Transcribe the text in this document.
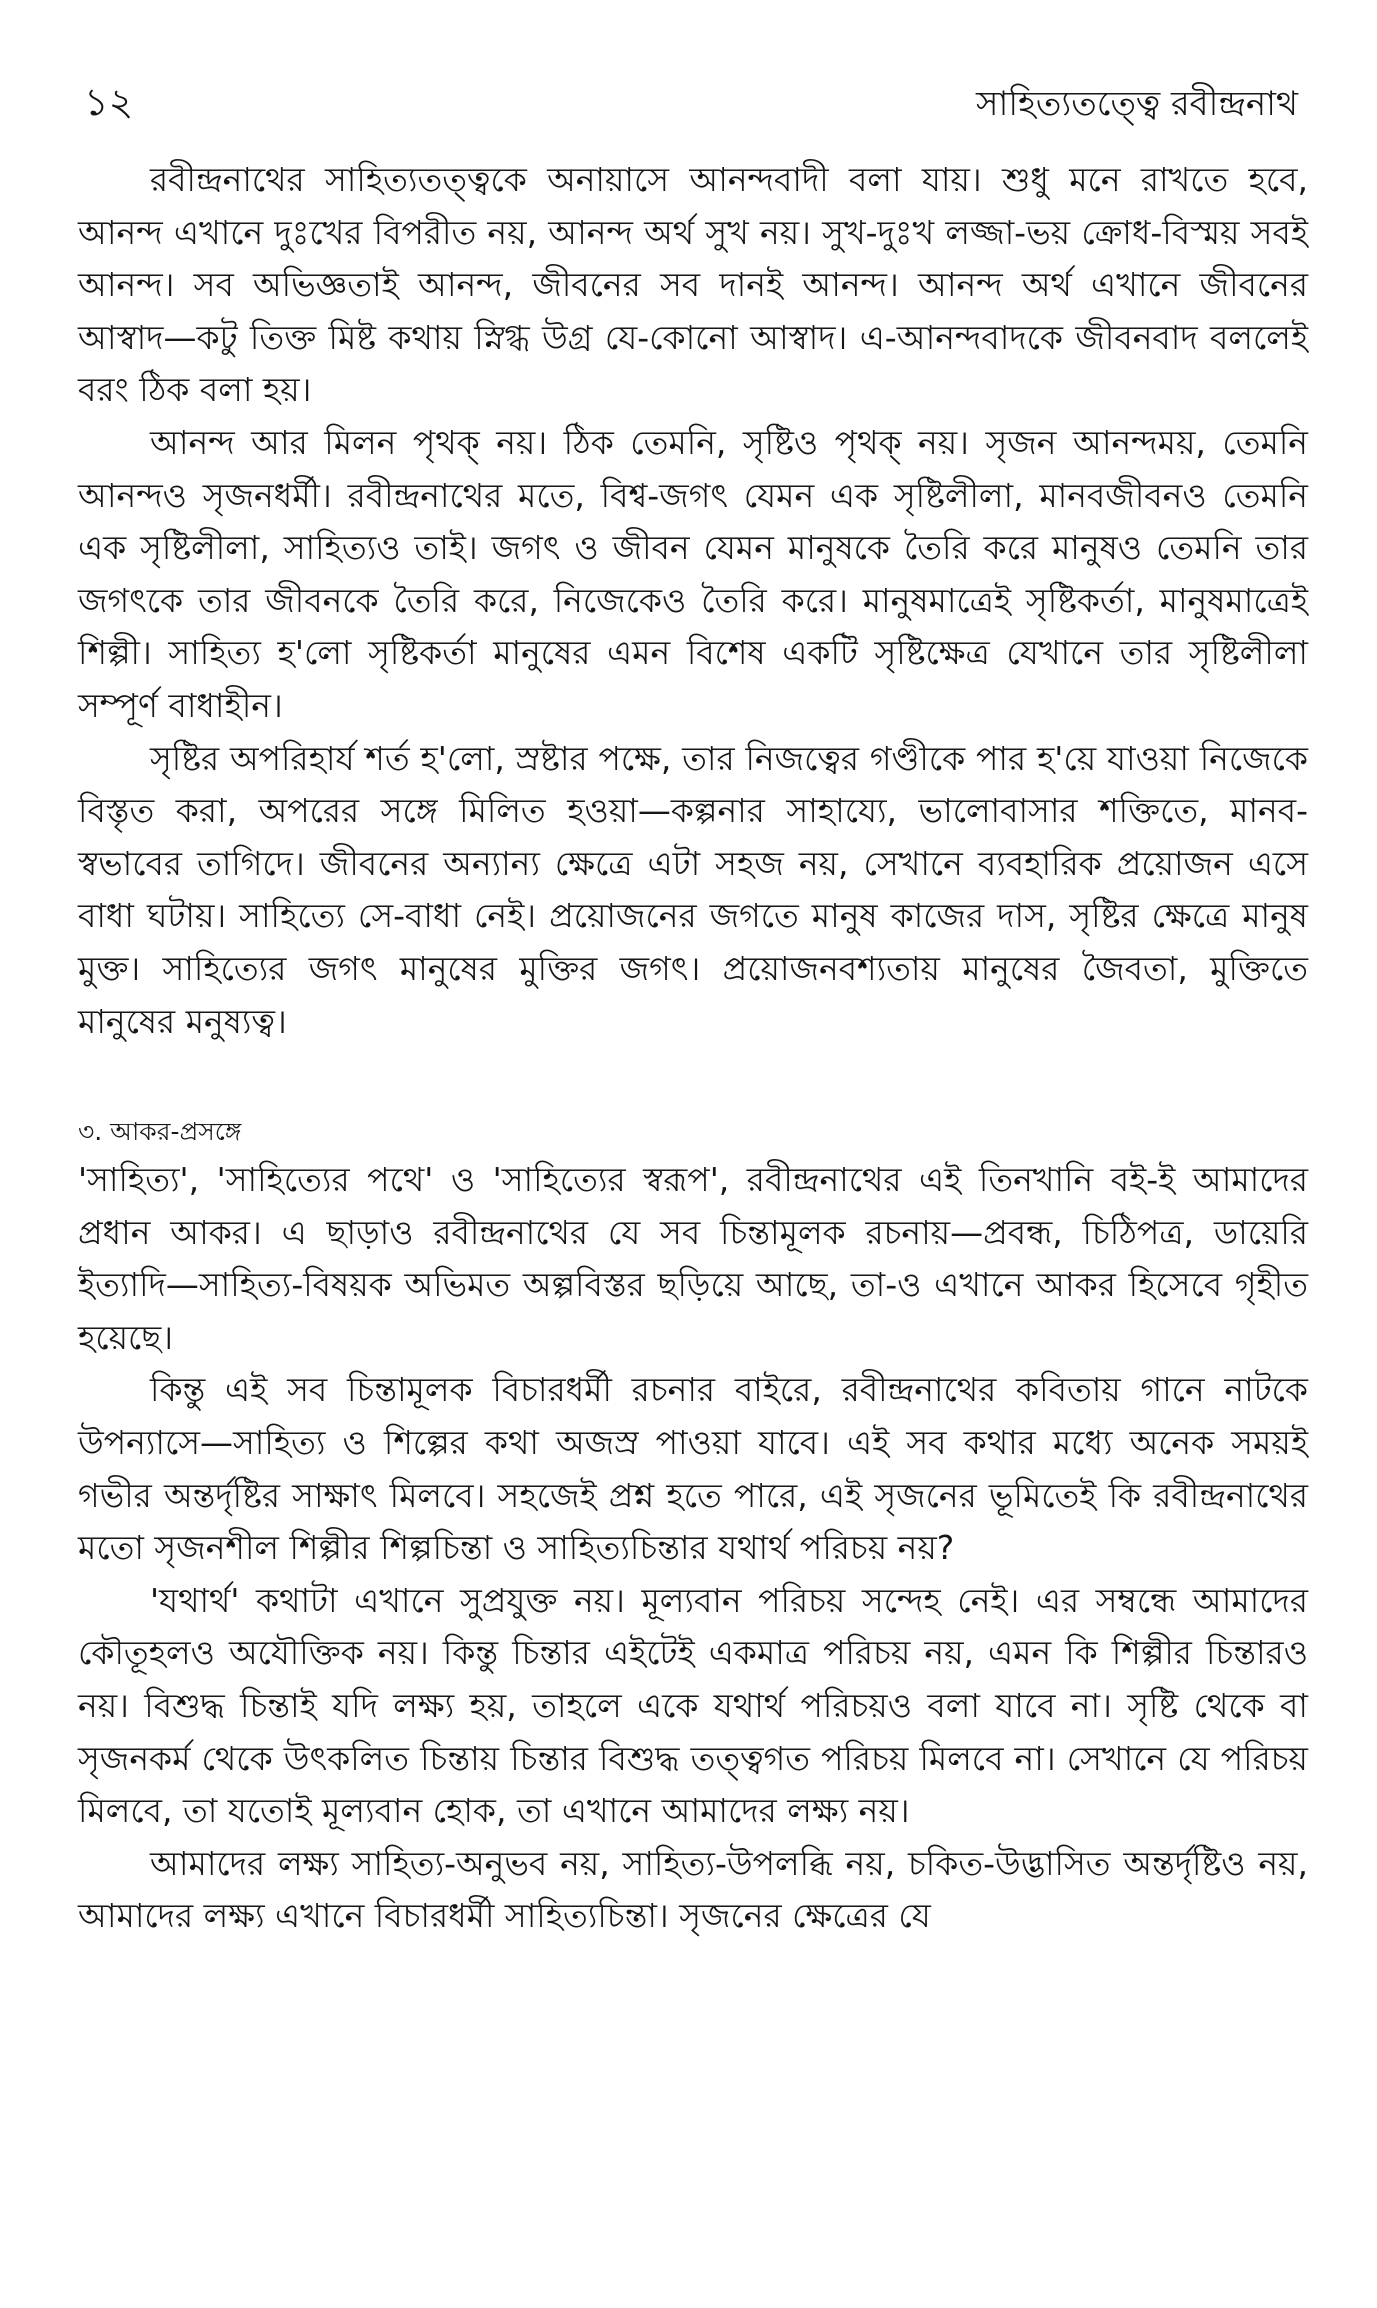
১২	সাহিত্যতত্ত্বে রবীন্দ্রনাথ

রবীন্দ্রনাথের সাহিত্যতত্ত্বকে অনায়াসে আনন্দবাদী বলা যায়। শুধু মনে রাখতে হবে, আনন্দ এখানে দুঃখের বিপরীত নয়, আনন্দ অর্থ সুখ নয়। সুখ-দুঃখ লজ্জা-ভয় ক্রোধ-বিস্ময় সবই আনন্দ। সব অভিজ্ঞতাই আনন্দ, জীবনের সব দানই আনন্দ। আনন্দ অর্থ এখানে জীবনের আস্বাদ—কটু তিক্ত মিষ্ট কথায় স্নিগ্ধ উগ্র যে-কোনো আস্বাদ। এ-আনন্দবাদকে জীবনবাদ বললেই বরং ঠিক বলা হয়।

আনন্দ আর মিলন পৃথক্ নয়। ঠিক তেমনি, সৃষ্টিও পৃথক্ নয়। সৃজন আনন্দময়, তেমনি আনন্দও সৃজনধর্মী। রবীন্দ্রনাথের মতে, বিশ্ব-জগৎ যেমন এক সৃষ্টিলীলা, মানবজীবনও তেমনি এক সৃষ্টিলীলা, সাহিত্যও তাই। জগৎ ও জীবন যেমন মানুষকে তৈরি করে মানুষও তেমনি তার জগৎকে তার জীবনকে তৈরি করে, নিজেকেও তৈরি করে। মানুষমাত্রেই সৃষ্টিকর্তা, মানুষমাত্রেই শিল্পী। সাহিত্য হ'লো সৃষ্টিকর্তা মানুষের এমন বিশেষ একটি সৃষ্টিক্ষেত্র যেখানে তার সৃষ্টিলীলা সম্পূর্ণ বাধাহীন।

সৃষ্টির অপরিহার্য শর্ত হ'লো, স্রষ্টার পক্ষে, তার নিজত্বের গণ্ডীকে পার হ'য়ে যাওয়া নিজেকে বিস্তৃত করা, অপরের সঙ্গে মিলিত হওয়া—কল্পনার সাহায্যে, ভালোবাসার শক্তিতে, মানব-স্বভাবের তাগিদে। জীবনের অন্যান্য ক্ষেত্রে এটা সহজ নয়, সেখানে ব্যবহারিক প্রয়োজন এসে বাধা ঘটায়। সাহিত্যে সে-বাধা নেই। প্রয়োজনের জগতে মানুষ কাজের দাস, সৃষ্টির ক্ষেত্রে মানুষ মুক্ত। সাহিত্যের জগৎ মানুষের মুক্তির জগৎ। প্রয়োজনবশ্যতায় মানুষের জৈবতা, মুক্তিতে মানুষের মনুষ্যত্ব।

৩. আকর-প্রসঙ্গে

'সাহিত্য', 'সাহিত্যের পথে' ও 'সাহিত্যের স্বরূপ', রবীন্দ্রনাথের এই তিনখানি বই-ই আমাদের প্রধান আকর। এ ছাড়াও রবীন্দ্রনাথের যে সব চিন্তামূলক রচনায়—প্রবন্ধ, চিঠিপত্র, ডায়েরি ইত্যাদি—সাহিত্য-বিষয়ক অভিমত অল্পবিস্তর ছড়িয়ে আছে, তা-ও এখানে আকর হিসেবে গৃহীত হয়েছে।

কিন্তু এই সব চিন্তামূলক বিচারধর্মী রচনার বাইরে, রবীন্দ্রনাথের কবিতায় গানে নাটকে উপন্যাসে—সাহিত্য ও শিল্পের কথা অজস্র পাওয়া যাবে। এই সব কথার মধ্যে অনেক সময়ই গভীর অন্তর্দৃষ্টির সাক্ষাৎ মিলবে। সহজেই প্রশ্ন হতে পারে, এই সৃজনের ভূমিতেই কি রবীন্দ্রনাথের মতো সৃজনশীল শিল্পীর শিল্পচিন্তা ও সাহিত্যচিন্তার যথার্থ পরিচয় নয়?

'যথার্থ' কথাটা এখানে সুপ্রযুক্ত নয়। মূল্যবান পরিচয় সন্দেহ নেই। এর সম্বন্ধে আমাদের কৌতূহলও অযৌক্তিক নয়। কিন্তু চিন্তার এইটেই একমাত্র পরিচয় নয়, এমন কি শিল্পীর চিন্তারও নয়। বিশুদ্ধ চিন্তাই যদি লক্ষ্য হয়, তাহলে একে যথার্থ পরিচয়ও বলা যাবে না। সৃষ্টি থেকে বা সৃজনকর্ম থেকে উৎকলিত চিন্তায় চিন্তার বিশুদ্ধ তত্ত্বগত পরিচয় মিলবে না। সেখানে যে পরিচয় মিলবে, তা যতোই মূল্যবান হোক, তা এখানে আমাদের লক্ষ্য নয়।

আমাদের লক্ষ্য সাহিত্য-অনুভব নয়, সাহিত্য-উপলব্ধি নয়, চকিত-উদ্ভাসিত অন্তর্দৃষ্টিও নয়, আমাদের লক্ষ্য এখানে বিচারধর্মী সাহিত্যচিন্তা। সৃজনের ক্ষেত্রের যে
